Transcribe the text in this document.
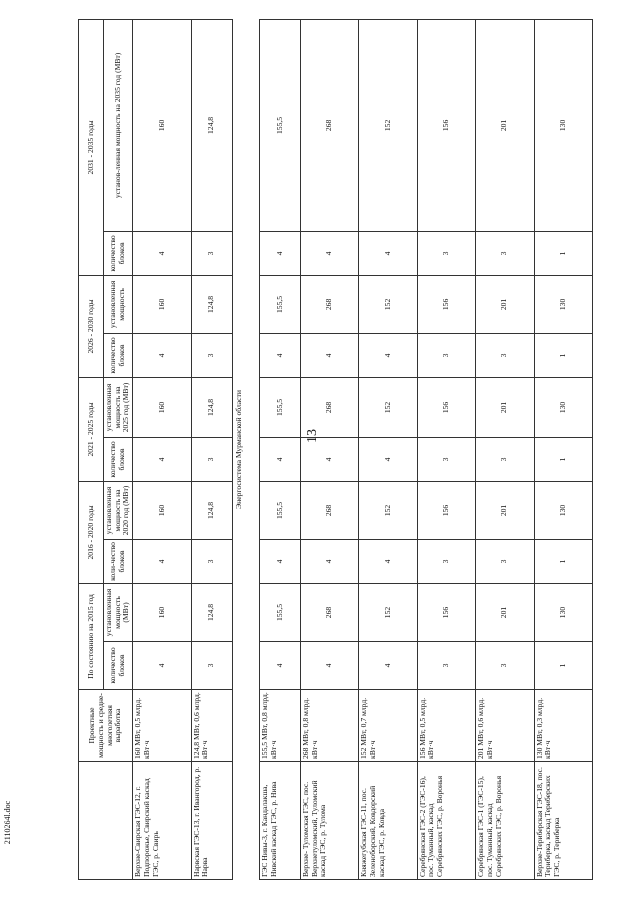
13
2110264l.doc
	Проектные мощность и средне-многолетняя выработка	По состоянию на 2015 год		2016 - 2020 годы		2021 - 2025 годы		2026 - 2030 годы		2031 - 2035 годы	
		количество блоков	установленная мощность (МВт)	коли-чество блоков	установленная мощность на 2020 год (МВт)	количество блоков	установленная мощность на 2025 год (МВт)	количество блоков	установленная мощность	количество блоков	установ-ленная мощность на 2035 год (МВт)
Верхне-Свирская ГЭС-12, г. Подпорожье, Свирский каскад ГЭС, р. Свирь	160 МВт, 0,5 млрд. кВт·ч	4	160	4	160	4	160	4	160	4	160
Нарвская ГЭС-13, г. Ивангород, р. Нарва	124,8 МВт, 0,6 млрд. кВт·ч	3	124,8	3	124,8	3	124,8	3	124,8	3	124,8
Энергосистема Мурманской области											
ГЭС Нивы-3, г. Кандалакша, Нивский каскад ГЭС, р. Нива	155,5 МВт, 0,8 млрд. кВт·ч	4	155,5	4	155,5	4	155,5	4	155,5	4	155,5
Верхне- Туломская ГЭС, пос. Верхнетуломский, Туломский каскад ГЭС, р. Тулома	268 МВт, 0,8 млрд. кВт·ч	4	268	4	268	4	268	4	268	4	268
Княжегубская ГЭС-11, пос. Зеленоборский, Ковдорский каскад ГЭС, р. Ковда	152 МВт, 0,7 млрд. кВт·ч	4	152	4	152	4	152	4	152	4	152
Серебрянская ГЭС-2 (ГЭС-16), пос. Туманный, каскад Серебрянских ГЭС, р. Воронья	156 МВт, 0,5 млрд. кВт·ч	3	156	3	156	3	156	3	156	3	156
Серебрянская ГЭС-1 (ГЭС-15), пос. Туманный, каскад Серебрянских ГЭС, р. Воронья	201 МВт, 0,6 млрд. кВт·ч	3	201	3	201	3	201	3	201	3	201
Верхне-Териберская ГЭС-18, пос. Териберка, каскад Териберских ГЭС, р. Териберка	130 МВт, 0,3 млрд. кВт·ч	1	130	1	130	1	130	1	130	1	130
